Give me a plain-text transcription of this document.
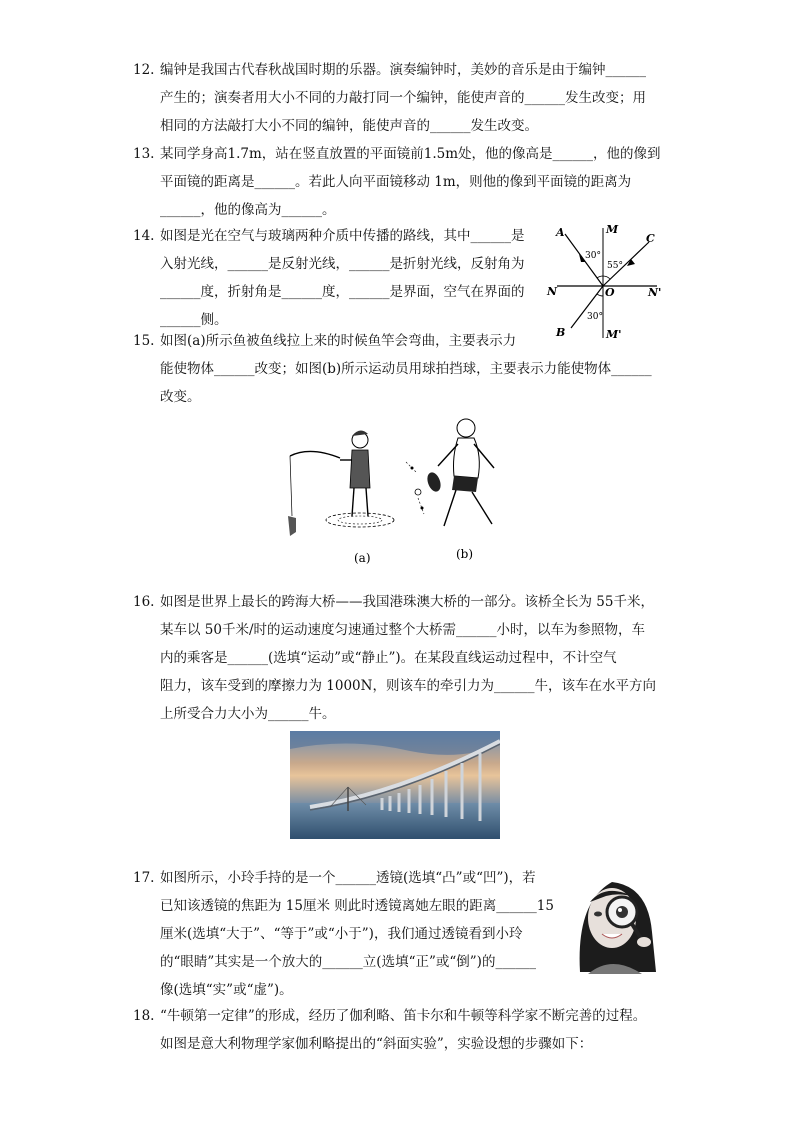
12. 编钟是我国古代春秋战国时期的乐器。演奏编钟时，美妙的音乐是由于编钟______
产生的；演奏者用大小不同的力敲打同一个编钟，能使声音的______发生改变；用
相同的方法敲打大小不同的编钟，能使声音的______发生改变。
13. 某同学身高1.7m，站在竖直放置的平面镜前1.5m处，他的像高是______，他的像到
平面镜的距离是______。若此人向平面镜移动 1m，则他的像到平面镜的距离为
______，他的像高为______。
14. 如图是光在空气与玻璃两种介质中传播的路线，其中______是
入射光线，______是反射光线，______是折射光线，反射角为
______度，折射角是______度，______是界面，空气在界面的
______侧。
A	M
C
N	O	N'
B	M'
30°
55°
30°
15. 如图(a)所示鱼被鱼线拉上来的时候鱼竿会弯曲，主要表示力
能使物体______改变；如图(b)所示运动员用球拍挡球，主要表示力能使物体______
改变。
(a)	(b)
16. 如图是世界上最长的跨海大桥——我国港珠澳大桥的一部分。该桥全长为 55千米，
某车以 50千米/时的运动速度匀速通过整个大桥需______小时，以车为参照物，车
内的乘客是______(选填“运动”或“静止”)。在某段直线运动过程中，不计空气
阻力，该车受到的摩擦力为 1000N，则该车的牵引力为______牛，该车在水平方向
上所受合力大小为______牛。
17. 如图所示，小玲手持的是一个______透镜(选填“凸”或“凹”)，若
已知该透镜的焦距为 15厘米 则此时透镜离她左眼的距离______15
厘米(选填“大于”、“等于”或“小于”)，我们通过透镜看到小玲
的“眼睛”其实是一个放大的______立(选填“正”或“倒”)的______
像(选填“实”或“虚”)。
18. “牛顿第一定律”的形成，经历了伽利略、笛卡尔和牛顿等科学家不断完善的过程。
如图是意大利物理学家伽利略提出的“斜面实验”，实验设想的步骤如下：
